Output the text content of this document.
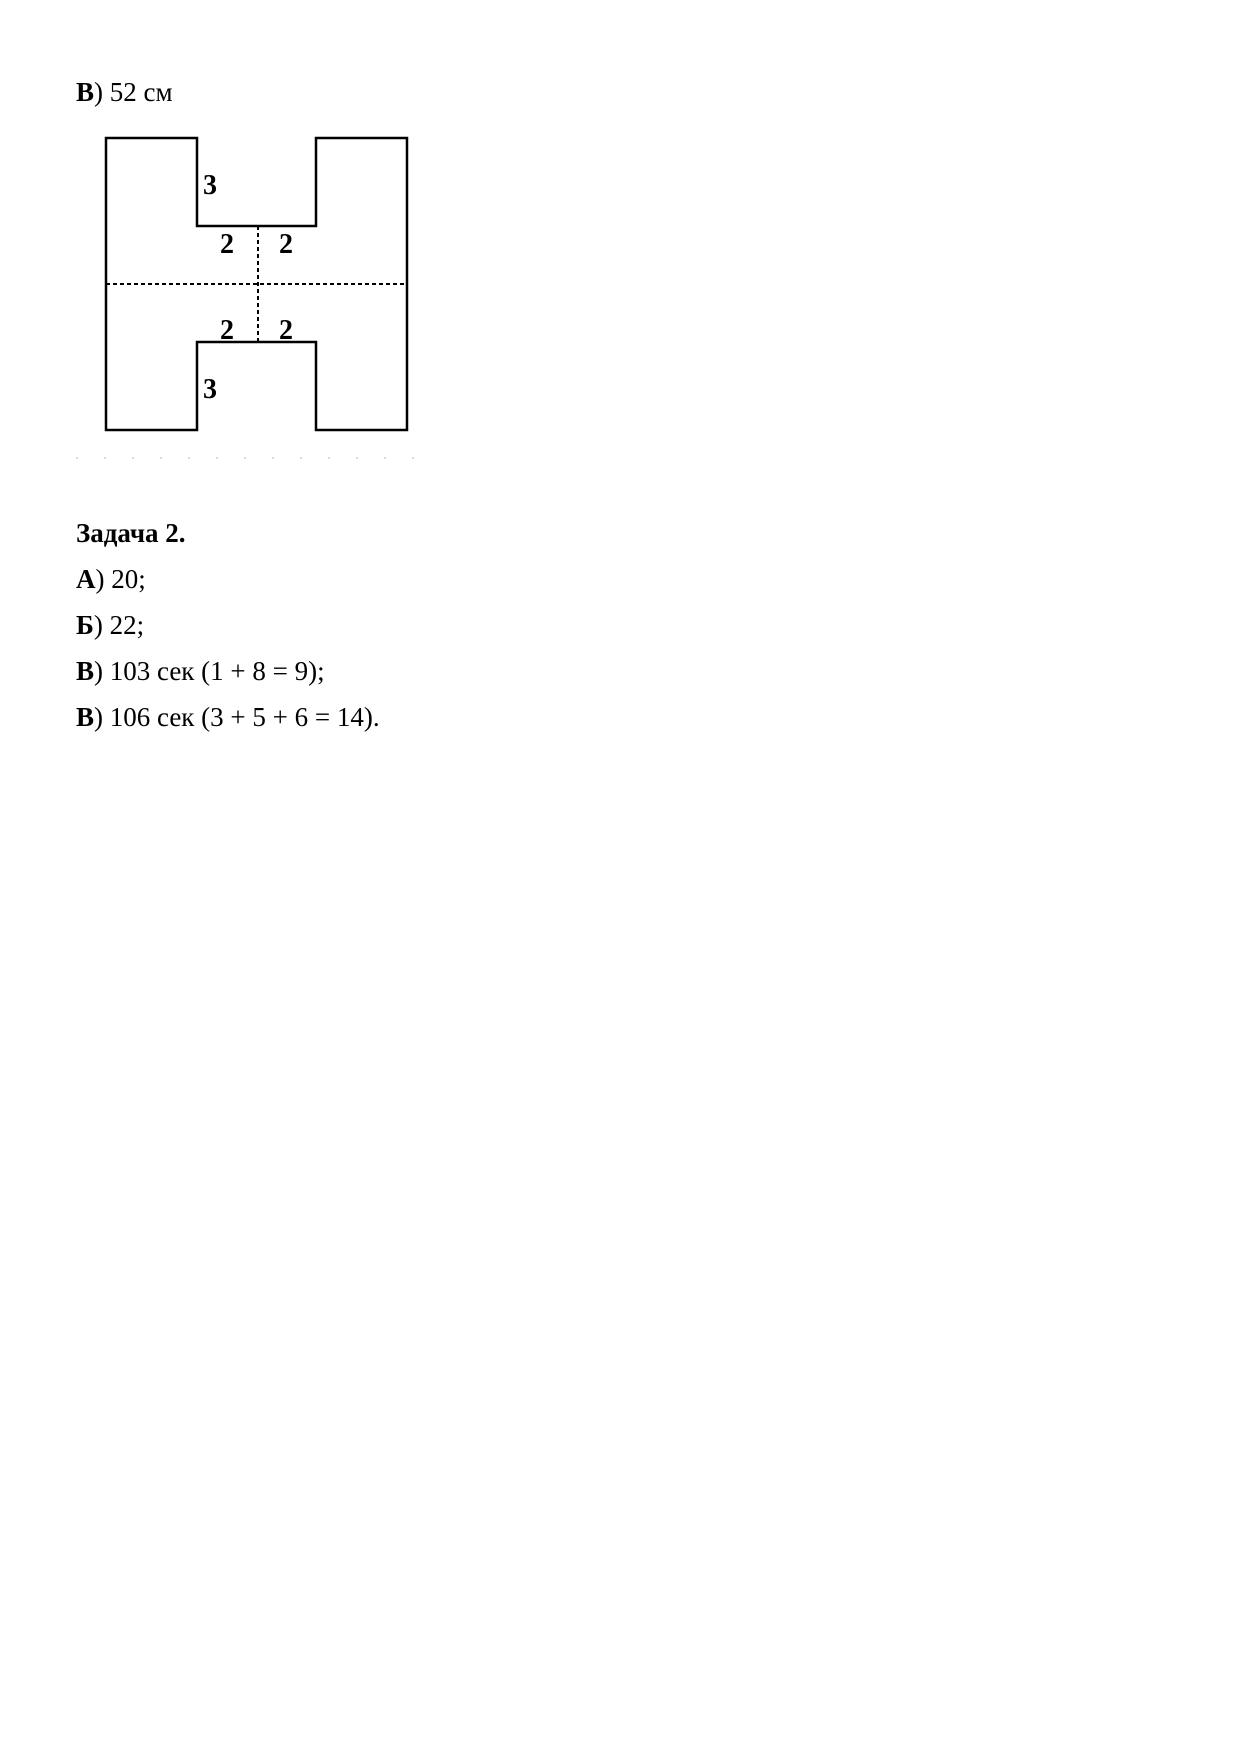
В) 52 см
3
2 2
2 2
3
Задача 2.
А) 20;
Б) 22;
В) 103 сек (1 + 8 = 9);
В) 106 сек (3 + 5 + 6 = 14).
